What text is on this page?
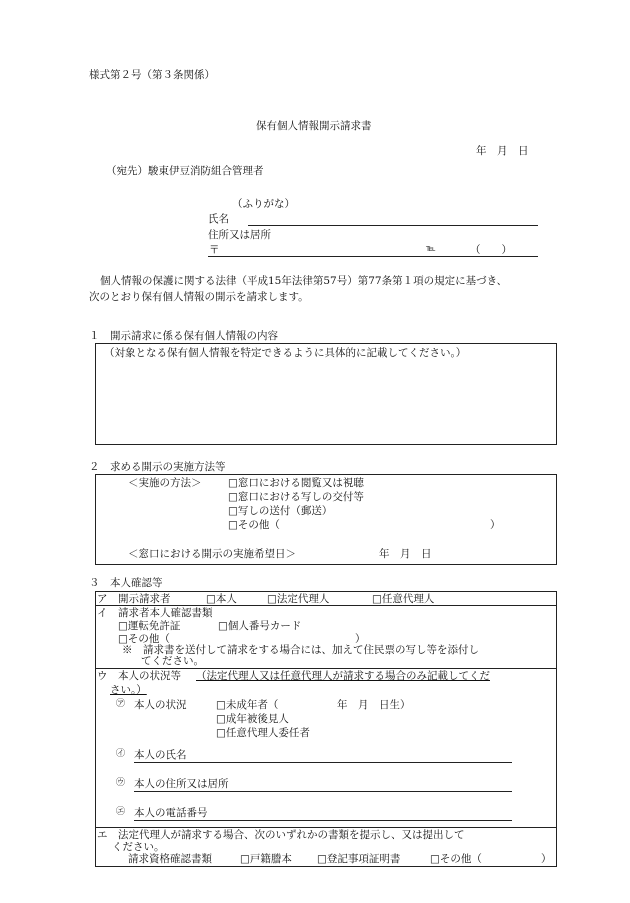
様式第２号（第３条関係）
保有個人情報開示請求書
年　月　日
（宛先）駿東伊豆消防組合管理者
（ふりがな）
氏名
住所又は居所
〒	℡	（　　）
個人情報の保護に関する法律（平成15年法律第57号）第77条第１項の規定に基づき、
次のとおり保有個人情報の開示を請求します。
１　開示請求に係る保有個人情報の内容
（対象となる保有個人情報を特定できるように具体的に記載してください。）
２　求める開示の実施方法等
＜実施の方法＞	□ 窓口における閲覧又は視聴
□ 窓口における写しの交付等
□ 写しの送付（郵送）
□ その他（	）
＜窓口における開示の実施希望日＞	年　月　日
３　本人確認等
ア　開示請求者	□ 本人	□ 法定代理人	□ 任意代理人
イ　請求者本人確認書類
□ 運転免許証	□ 個人番号カード
□ その他（	）
※　請求書を送付して請求をする場合には、加えて住民票の写し等を添付し
てください。
ウ　本人の状況等 （法定代理人又は任意代理人が請求する場合のみ記載してくだ
さい。）
㋐ 本人の状況	□ 未成年者（	年　月　日生）
□ 成年被後見人
□ 任意代理人委任者
㋑ 本人の氏名
㋒ 本人の住所又は居所
㋓ 本人の電話番号
エ　法定代理人が請求する場合、次のいずれかの書類を提示し、又は提出して
ください。
請求資格確認書類	□ 戸籍謄本	□ 登記事項証明書	□ その他（	）
